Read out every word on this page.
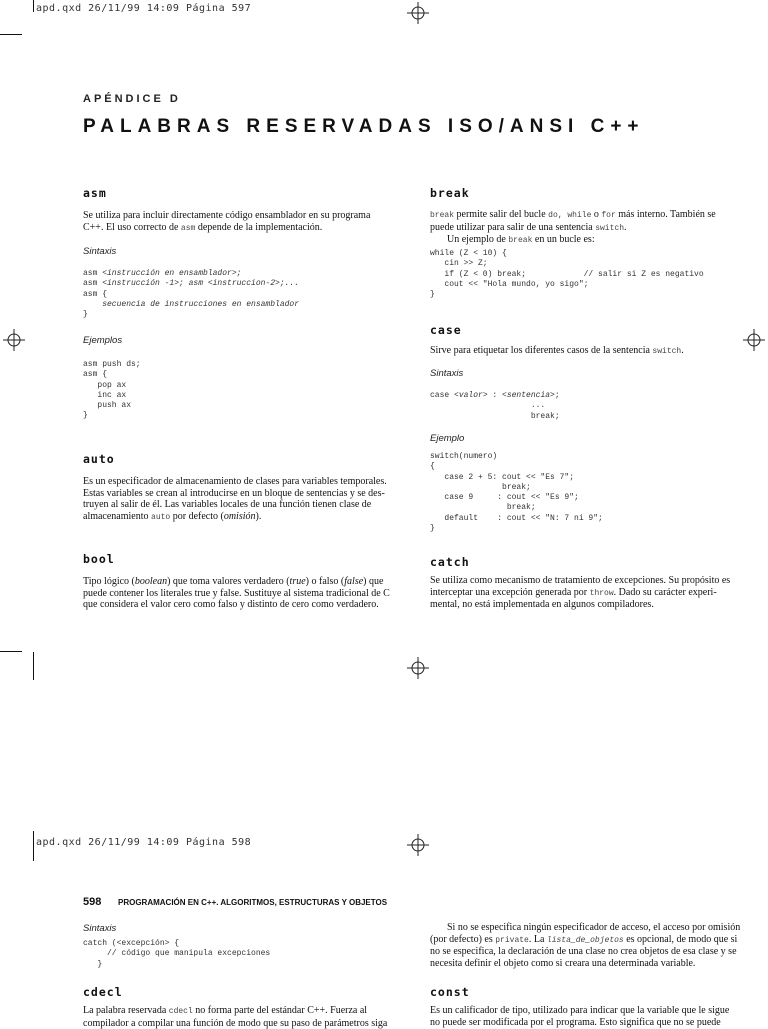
apd.qxd 26/11/99 14:09 Página 597
APÉNDICE D
PALABRAS RESERVADAS ISO/ANSI C++
asm
Se utiliza para incluir directamente código ensamblador en su programa
C++. El uso correcto de asm depende de la implementación.
Sintaxis
asm <instrucción en ensamblador>;
asm <instrucción -1>; asm <instruccion-2>;...
asm {
secuencia de instrucciones en ensamblador
}
Ejemplos
asm push ds;
asm {
pop ax
inc ax
push ax
}
auto
Es un especificador de almacenamiento de clases para variables temporales.
Estas variables se crean al introducirse en un bloque de sentencias y se des-
truyen al salir de él. Las variables locales de una función tienen clase de
almacenamiento auto por defecto (omisión).
bool
Tipo lógico (boolean) que toma valores verdadero (true) o falso (false) que
puede contener los literales true y false. Sustituye al sistema tradicional de C
que considera el valor cero como falso y distinto de cero como verdadero.
break
break permite salir del bucle do, while o for más interno. También se
puede utilizar para salir de una sentencia switch.
Un ejemplo de break en un bucle es:
while (Z < 10) {
cin >> Z;
if (Z < 0) break;            // salir si Z es negativo
cout << "Hola mundo, yo sigo";
}
case
Sirve para etiquetar los diferentes casos de la sentencia switch.
Sintaxis
case <valor> : <sentencia>;
...
break;
Ejemplo
switch(numero)
{
case 2 + 5: cout << "Es 7";
break;
case 9     : cout << "Es 9";
break;
default    : cout << "N: 7 ni 9";
}
catch
Se utiliza como mecanismo de tratamiento de excepciones. Su propósito es
interceptar una excepción generada por throw. Dado su carácter experi-
mental, no está implementada en algunos compiladores.
apd.qxd 26/11/99 14:09 Página 598
598 PROGRAMACIÓN EN C++. ALGORITMOS, ESTRUCTURAS Y OBJETOS
Sintaxis
catch (<excepción> {
// código que manipula excepciones
}
cdecl
La palabra reservada cdecl no forma parte del estándar C++. Fuerza al
compilador a compilar una función de modo que su paso de parámetros siga
Si no se especifica ningún especificador de acceso, el acceso por omisión
(por defecto) es private. La lista_de_objetos es opcional, de modo que si
no se especifica, la declaración de una clase no crea objetos de esa clase y se
necesita definir el objeto como si creara una determinada variable.
const
Es un calificador de tipo, utilizado para indicar que la variable que le sigue
no puede ser modificada por el programa. Esto significa que no se puede
